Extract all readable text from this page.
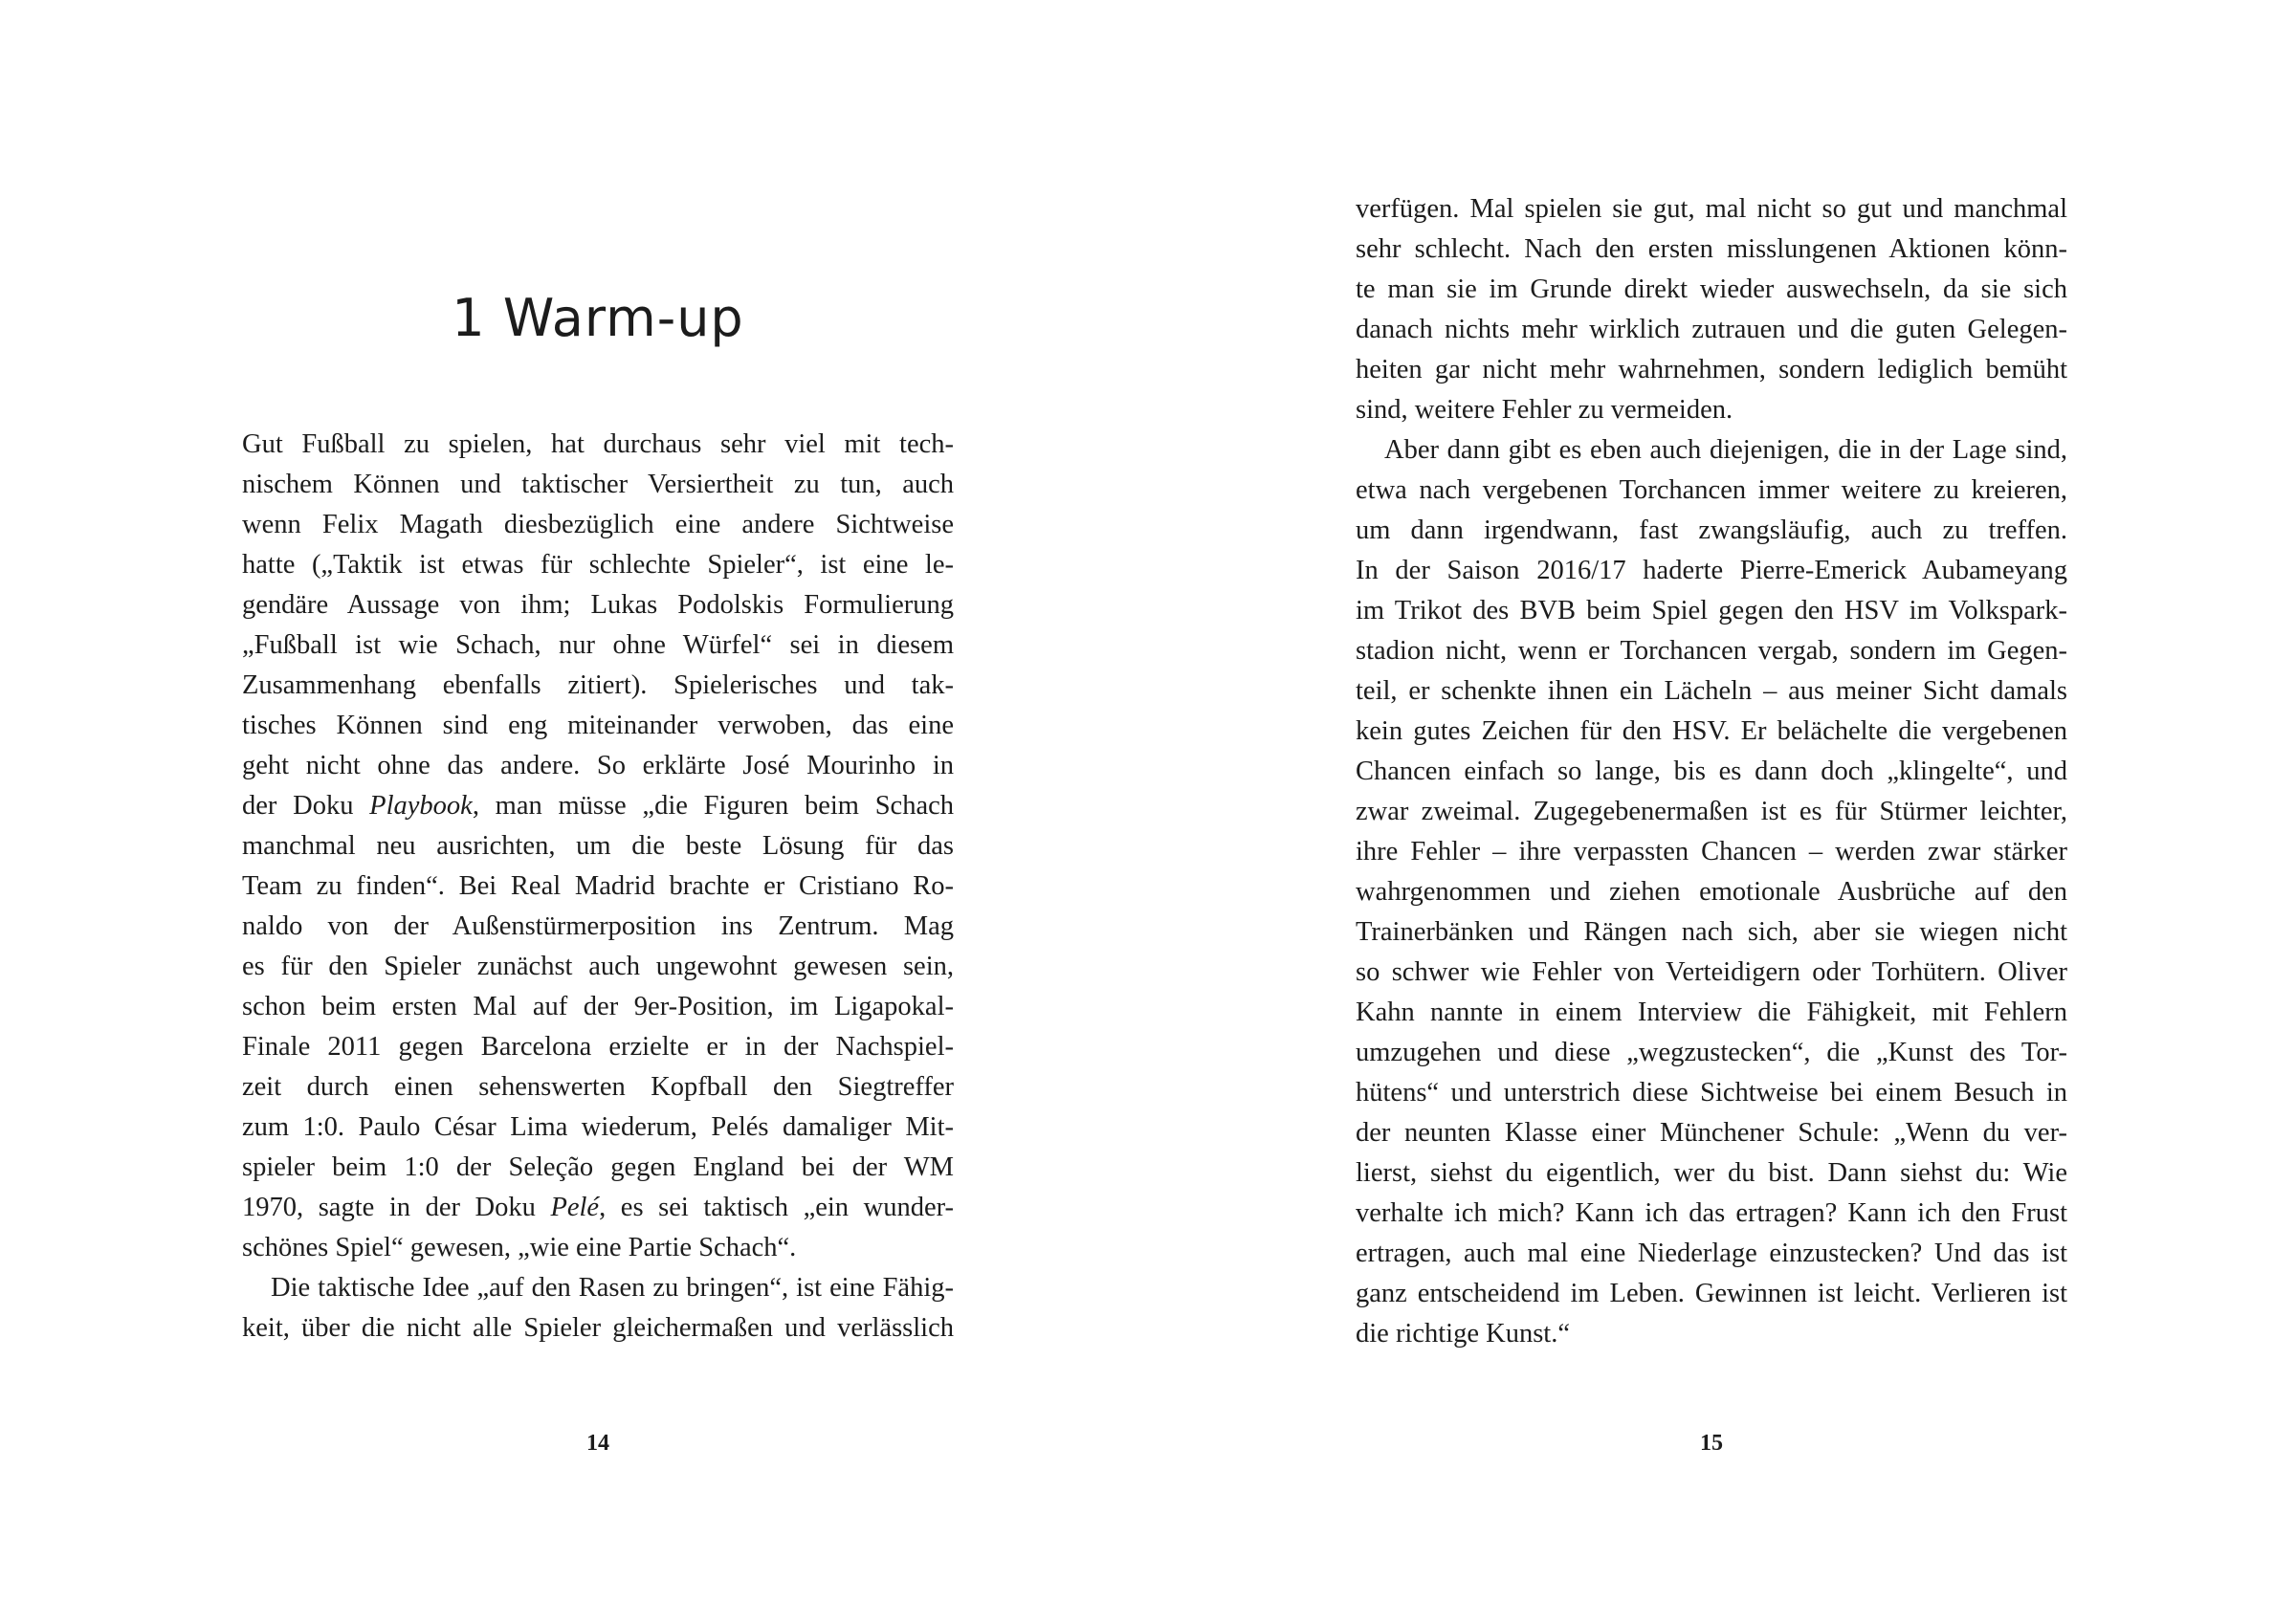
1 Warm-up
Gut Fußball zu spielen, hat durchaus sehr viel mit tech-
nischem Können und taktischer Versiertheit zu tun, auch
wenn Felix Magath diesbezüglich eine andere Sichtweise
hatte („Taktik ist etwas für schlechte Spieler“, ist eine le-
gendäre Aussage von ihm; Lukas Podolskis Formulierung
„Fußball ist wie Schach, nur ohne Würfel“ sei in diesem
Zusammenhang ebenfalls zitiert). Spielerisches und tak-
tisches Können sind eng miteinander verwoben, das eine
geht nicht ohne das andere. So erklärte José Mourinho in
der Doku Playbook, man müsse „die Figuren beim Schach
manchmal neu ausrichten, um die beste Lösung für das
Team zu finden“. Bei Real Madrid brachte er Cristiano Ro-
naldo von der Außenstürmerposition ins Zentrum. Mag
es für den Spieler zunächst auch ungewohnt gewesen sein,
schon beim ersten Mal auf der 9er-Position, im Ligapokal-
Finale 2011 gegen Barcelona erzielte er in der Nachspiel-
zeit durch einen sehenswerten Kopfball den Siegtreffer
zum 1:0. Paulo César Lima wiederum, Pelés damaliger Mit-
spieler beim 1:0 der Seleção gegen England bei der WM
1970, sagte in der Doku Pelé, es sei taktisch „ein wunder-
schönes Spiel“ gewesen, „wie eine Partie Schach“.
Die taktische Idee „auf den Rasen zu bringen“, ist eine Fähig-
keit, über die nicht alle Spieler gleichermaßen und verlässlich
14
verfügen. Mal spielen sie gut, mal nicht so gut und manchmal
sehr schlecht. Nach den ersten misslungenen Aktionen könn-
te man sie im Grunde direkt wieder auswechseln, da sie sich
danach nichts mehr wirklich zutrauen und die guten Gelegen-
heiten gar nicht mehr wahrnehmen, sondern lediglich bemüht
sind, weitere Fehler zu vermeiden.
Aber dann gibt es eben auch diejenigen, die in der Lage sind,
etwa nach vergebenen Torchancen immer weitere zu kreieren,
um dann irgendwann, fast zwangsläufig, auch zu treffen.
In der Saison 2016/17 haderte Pierre-Emerick Aubameyang
im Trikot des BVB beim Spiel gegen den HSV im Volkspark-
stadion nicht, wenn er Torchancen vergab, sondern im Gegen-
teil, er schenkte ihnen ein Lächeln – aus meiner Sicht damals
kein gutes Zeichen für den HSV. Er belächelte die vergebenen
Chancen einfach so lange, bis es dann doch „klingelte“, und
zwar zweimal. Zugegebenermaßen ist es für Stürmer leichter,
ihre Fehler – ihre verpassten Chancen – werden zwar stärker
wahrgenommen und ziehen emotionale Ausbrüche auf den
Trainerbänken und Rängen nach sich, aber sie wiegen nicht
so schwer wie Fehler von Verteidigern oder Torhütern. Oliver
Kahn nannte in einem Interview die Fähigkeit, mit Fehlern
umzugehen und diese „wegzustecken“, die „Kunst des Tor-
hütens“ und unterstrich diese Sichtweise bei einem Besuch in
der neunten Klasse einer Münchener Schule: „Wenn du ver-
lierst, siehst du eigentlich, wer du bist. Dann siehst du: Wie
verhalte ich mich? Kann ich das ertragen? Kann ich den Frust
ertragen, auch mal eine Niederlage einzustecken? Und das ist
ganz entscheidend im Leben. Gewinnen ist leicht. Verlieren ist
die richtige Kunst.“
15
